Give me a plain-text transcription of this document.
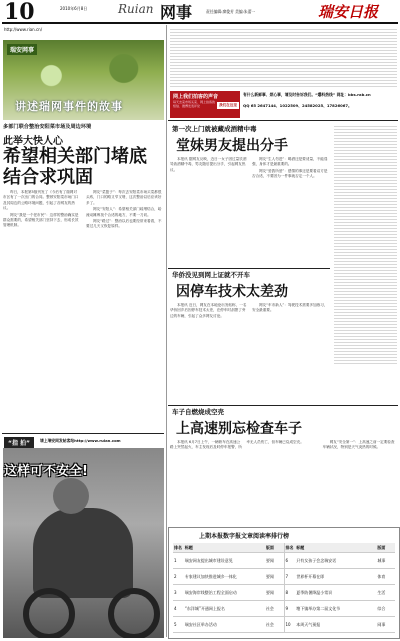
10	2010年6月8日	Ruian 网事	责任编辑:廖俊芳 美编:朱蕾一	瑞安日报
瑞安网事
讲述瑞网事件的故事
http://www.rian.cn/
多部门联合整治安阳菜市场及周边环境
此举大快人心
希望相关部门堵底结合求巩固

昨日，本报第5版刊发了《今后有了瑞网对市区有了一次出门的合同。整顿安阳菜市场门口及其周边的公路环境问题，引起了各网友的热议。

网友“我是一个老市民”：这样的整治确实是群众需要的，希望相关部门坚持下去，形成长效管理机制。

网友“菜篮子”：每次去安阳菜市场买菜都很头疼，门口的路又窄又堵，这次整治以后应该好多了。

网友“安阳人”：希望相关部门疏堵结合，给流动摊贩找个合适的地方，不要一刀切。

网友“路过”：整治以后也要经常来看看，不要过几天又恢复原样。

“指 拍”	请上瑞安网发帖客站http://www.ruian.com
这样可不安全!
网上我们拍客的声音
每天去菜市场买菜、网上拍客的短信、微博发表评论	我们在这里
有什么新鲜事、烦心事，请及时告诉我们。“爆料热线” 网址：bbs.rab.cn
QQ 65 2647144、1022509、24582025、17826067。
第一次上门就被藏成酒精中毒
堂妹男友提出分手

本报讯 据网友反映，近日一女子因过量饮酒导致酒精中毒，男友随后提出分手，引起网友热议。

网友“生人勿进”：喝酒还是要适量，不能逞强，身体才是最重要的。

网友“爱我所爱”：感情的事还是要看双方是否合适，不要因为一件事就否定一个人。

华侨没见到网上证就不开车
因停车技术太差劲

本报讯 近日，网友在本地论坛发帖称，一名华侨回乡后因停车技术太差，在停车时刮擦了旁边的车辆，引起了众多网友讨论。

网友“车市新人”：驾驶技术需要多加练习，安全最重要。

车子自燃烧成空壳
上高速别忘检查车子

本报讯 6月7日上午，一辆轿车在高速公路上突然起火，车主发现后及时停车报警，所幸无人员伤亡，但车辆已烧成空壳。	网友“安全第一”：上高速之前一定要检查车辆状况，特别是天气炎热的时候。

上期本报数字报文章阅读率排行榜
排名 标题	版面	排名 标题	版面
1	瑞安网友提出城市建设意见	要闻	6	只有女孩子会念瑞安话	城事
2	专家建议加快推进城乡一体化	要闻	7	世界杯开幕在即	体育
3	瑞安海岸线整治工程全面启动	要闻	8	夏季防暑降温小常识	生活
4	“东洋城”开通网上报名	社会	9	塘下镇举办第二届文化节	综合
5	瑞安社区举办活动	社会	10	本周天气预报	网事
